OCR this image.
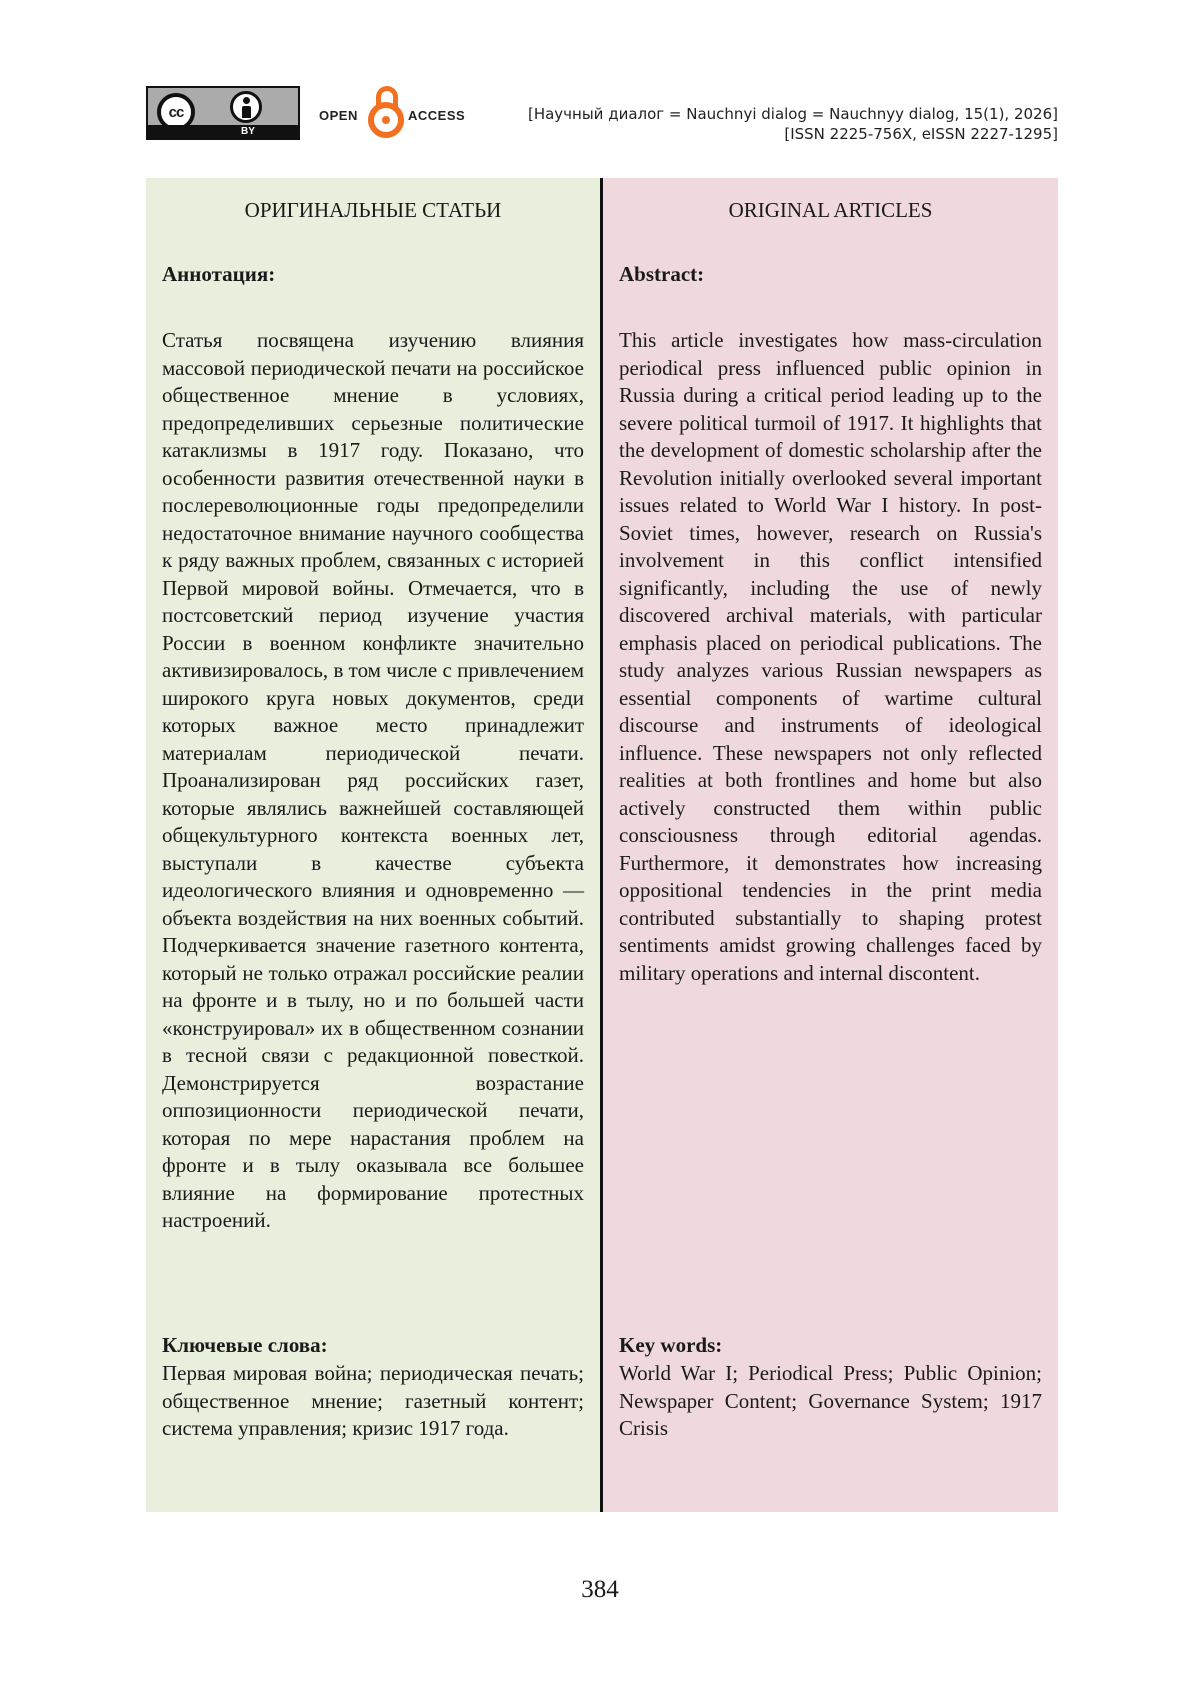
cc
BY
OPEN	ACCESS	[Научный диалог = Nauchnyi dialog = Nauchnyy dialog, 15(1), 2026]
[ISSN 2225-756X, eISSN 2227-1295]
ОРИГИНАЛЬНЫЕ СТАТЬИ
Аннотация:
Статья посвящена изучению влияния массовой периодической печати на российское общественное мнение в условиях, предопределивших серьезные политические катаклизмы в 1917 году. Показано, что особенности развития отечественной науки в послереволюционные годы предопределили недостаточное внимание научного сообщества к ряду важных проблем, связанных с историей Первой мировой войны. Отмечается, что в постсоветский период изучение участия России в военном конфликте значительно активизировалось, в том числе с привлечением широкого круга новых документов, среди которых важное место принадлежит материалам периодической печати. Проанализирован ряд российских газет, которые являлись важнейшей составляющей общекультурного контекста военных лет, выступали в качестве субъекта идеологического влияния и одновременно — объекта воздействия на них военных событий. Подчеркивается значение газетного контента, который не только отражал российские реалии на фронте и в тылу, но и по большей части «конструировал» их в общественном сознании в тесной связи с редакционной повесткой. Демонстрируется возрастание оппозиционности периодической печати, которая по мере нарастания проблем на фронте и в тылу оказывала все большее влияние на формирование протестных настроений.
Ключевые слова:
Первая мировая война; периодическая печать; общественное мнение; газетный контент; система управления; кризис 1917 года.
ORIGINAL ARTICLES
Abstract:
This article investigates how mass-circulation periodical press influenced public opinion in Russia during a critical period leading up to the severe political turmoil of 1917. It highlights that the development of domestic scholarship after the Revolution initially overlooked several important issues related to World War I history. In post-Soviet times, however, research on Russia's involvement in this conflict intensified significantly, including the use of newly discovered archival materials, with particular emphasis placed on periodical publications. The study analyzes various Russian newspapers as essential components of wartime cultural discourse and instruments of ideological influence. These newspapers not only reflected realities at both frontlines and home but also actively constructed them within public consciousness through editorial agendas. Furthermore, it demonstrates how increasing oppositional tendencies in the print media contributed substantially to shaping protest sentiments amidst growing challenges faced by military operations and internal discontent.
Key words:
World War I; Periodical Press; Public Opinion; Newspaper Content; Governance System; 1917 Crisis
384
